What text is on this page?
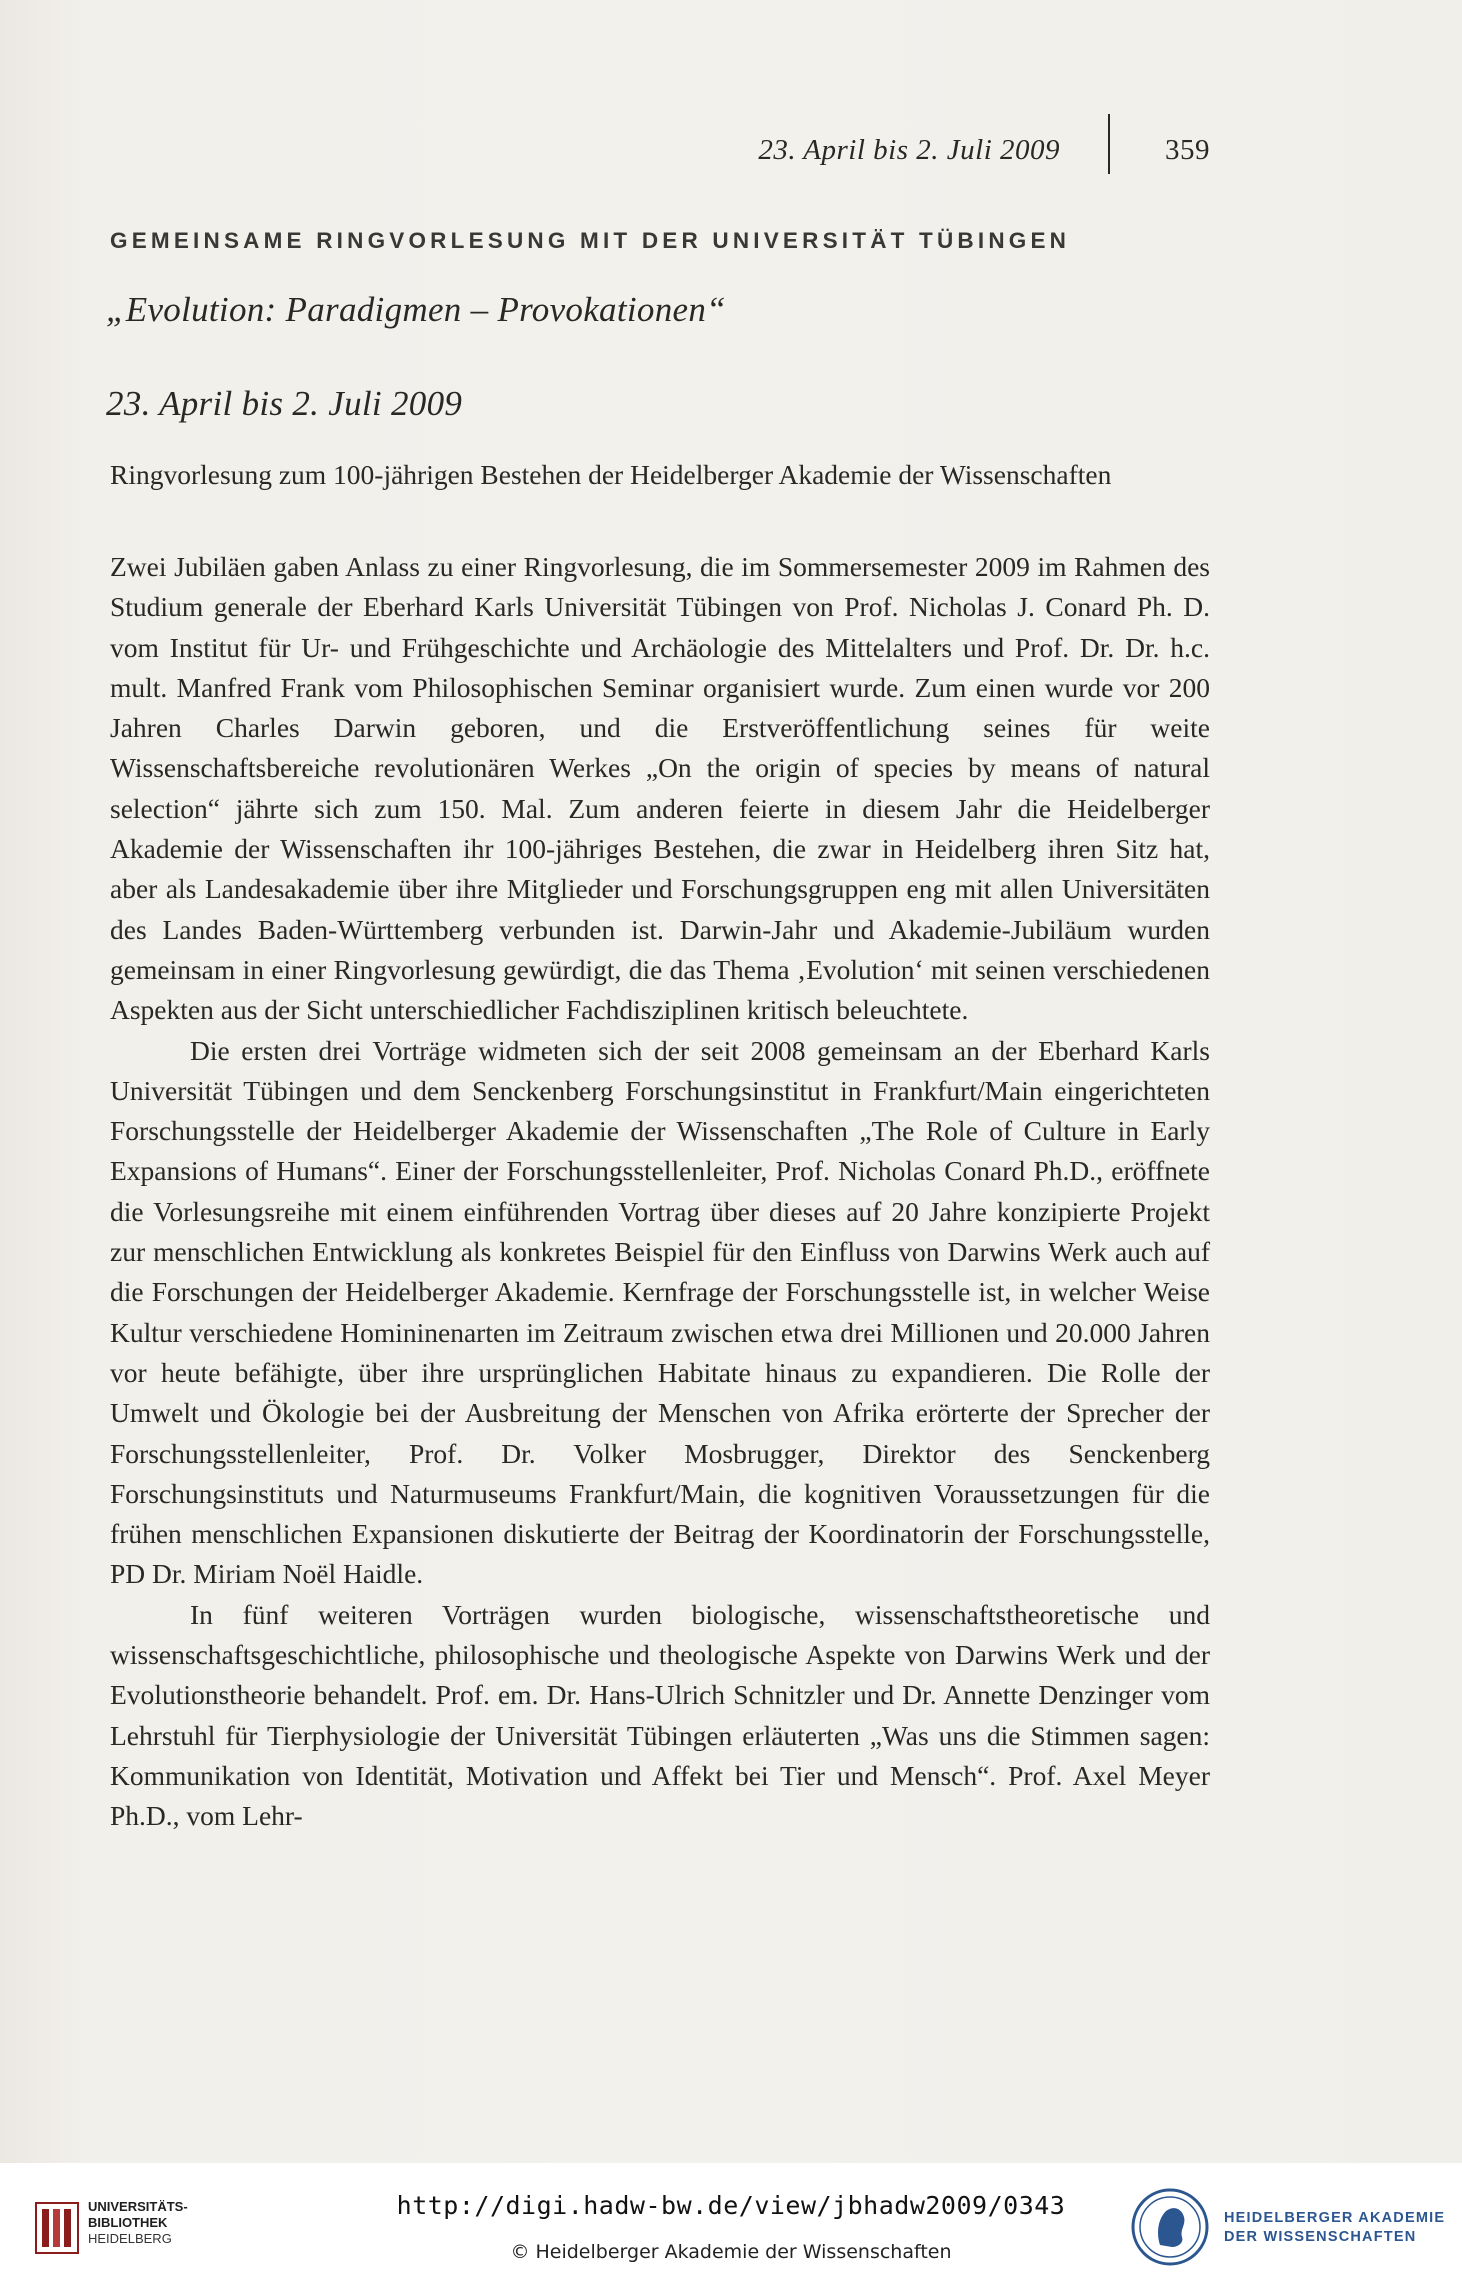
23. April bis 2. Juli 2009	359
GEMEINSAME RINGVORLESUNG MIT DER UNIVERSITÄT TÜBINGEN
„Evolution: Paradigmen – Provokationen“
23. April bis 2. Juli 2009
Ringvorlesung zum 100-jährigen Bestehen der Heidelberger Akademie der Wissenschaften

Zwei Jubiläen gaben Anlass zu einer Ringvorlesung, die im Sommersemester 2009 im Rahmen des Studium generale der Eberhard Karls Universität Tübingen von Prof. Nicholas J. Conard Ph. D. vom Institut für Ur- und Frühgeschichte und Archäologie des Mittelalters und Prof. Dr. Dr. h.c. mult. Manfred Frank vom Philosophischen Seminar organisiert wurde. Zum einen wurde vor 200 Jahren Charles Darwin geboren, und die Erstveröffentlichung seines für weite Wissenschaftsbereiche revolutionären Werkes „On the origin of species by means of natural selection“ jährte sich zum 150. Mal. Zum anderen feierte in diesem Jahr die Heidelberger Akademie der Wissenschaften ihr 100-jähriges Bestehen, die zwar in Heidelberg ihren Sitz hat, aber als Landesakademie über ihre Mitglieder und Forschungsgruppen eng mit allen Universitäten des Landes Baden-Württemberg verbunden ist. Darwin-Jahr und Akademie-Jubiläum wurden gemeinsam in einer Ringvorlesung gewürdigt, die das Thema ‚Evolution‘ mit seinen verschiedenen Aspekten aus der Sicht unterschiedlicher Fachdisziplinen kritisch beleuchtete.

Die ersten drei Vorträge widmeten sich der seit 2008 gemeinsam an der Eberhard Karls Universität Tübingen und dem Senckenberg Forschungsinstitut in Frankfurt/Main eingerichteten Forschungsstelle der Heidelberger Akademie der Wissenschaften „The Role of Culture in Early Expansions of Humans“. Einer der Forschungsstellenleiter, Prof. Nicholas Conard Ph.D., eröffnete die Vorlesungsreihe mit einem einführenden Vortrag über dieses auf 20 Jahre konzipierte Projekt zur menschlichen Entwicklung als konkretes Beispiel für den Einfluss von Darwins Werk auch auf die Forschungen der Heidelberger Akademie. Kernfrage der Forschungsstelle ist, in welcher Weise Kultur verschiedene Homininenarten im Zeitraum zwischen etwa drei Millionen und 20.000 Jahren vor heute befähigte, über ihre ursprünglichen Habitate hinaus zu expandieren. Die Rolle der Umwelt und Ökologie bei der Ausbreitung der Menschen von Afrika erörterte der Sprecher der Forschungsstellenleiter, Prof. Dr. Volker Mosbrugger, Direktor des Senckenberg Forschungsinstituts und Naturmuseums Frankfurt/Main, die kognitiven Voraussetzungen für die frühen menschlichen Expansionen diskutierte der Beitrag der Koordinatorin der Forschungsstelle, PD Dr. Miriam Noël Haidle.

In fünf weiteren Vorträgen wurden biologische, wissenschaftstheoretische und wissenschaftsgeschichtliche, philosophische und theologische Aspekte von Darwins Werk und der Evolutionstheorie behandelt. Prof. em. Dr. Hans-Ulrich Schnitzler und Dr. Annette Denzinger vom Lehrstuhl für Tierphysiologie der Universität Tübingen erläuterten „Was uns die Stimmen sagen: Kommunikation von Identität, Motivation und Affekt bei Tier und Mensch“. Prof. Axel Meyer Ph.D., vom Lehr-

UNIVERSITÄTS-
BIBLIOTHEK
HEIDELBERG
http://digi.hadw-bw.de/view/jbhadw2009/0343
© Heidelberger Akademie der Wissenschaften
HEIDELBERGER AKADEMIE
DER WISSENSCHAFTEN
